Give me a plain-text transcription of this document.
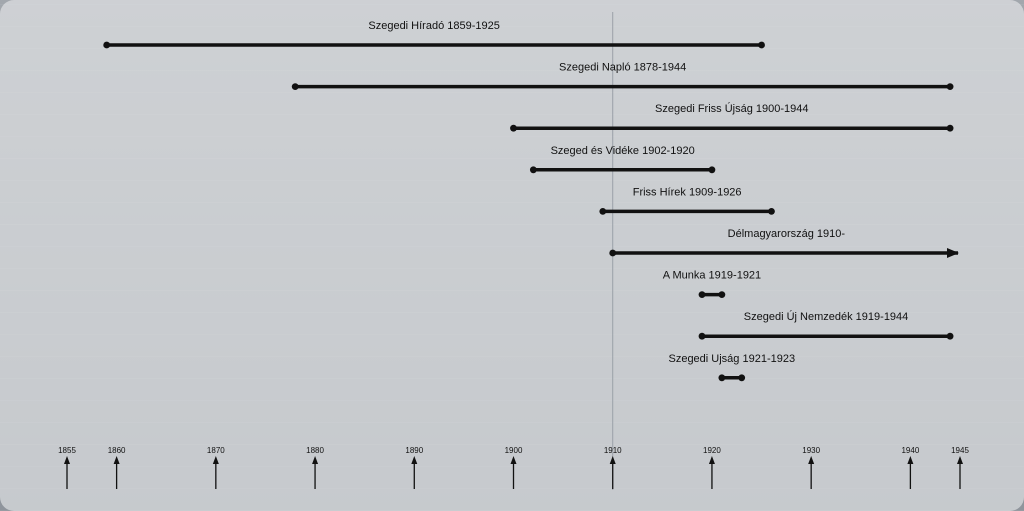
Szegedi Híradó 1859-1925
Szegedi Napló 1878-1944
Szegedi Friss Újság 1900-1944
Szeged és Vidéke 1902-1920
Friss Hírek 1909-1926
Délmagyarország 1910-
A Munka 1919-1921
Szegedi Új Nemzedék 1919-1944
Szegedi Ujság 1921-1923
1855	1860	1870	1880	1890	1900	1910	1920	1930	1940	1945
